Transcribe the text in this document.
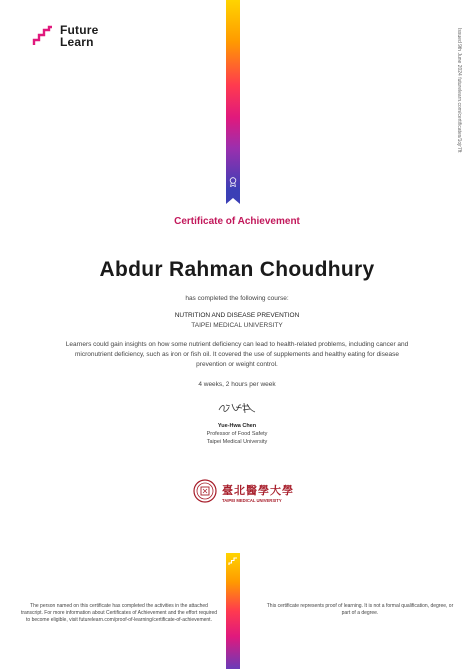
Future
Learn	Issued 9th June 2024 futurelearn.com/certificates/1ojr7ft
Certificate of Achievement
Abdur Rahman Choudhury
has completed the following course:
NUTRITION AND DISEASE PREVENTION
TAIPEI MEDICAL UNIVERSITY
Learners could gain insights on how some nutrient deficiency can lead to health-related problems, including cancer and micronutrient deficiency, such as iron or fish oil. It covered the use of supplements and healthy eating for disease prevention or weight control.
4 weeks, 2 hours per week
Yue-Hwa Chen
Professor of Food Safety
Taipei Medical University
臺北醫學大學
TAIPEI MEDICAL UNIVERSITY
The person named on this certificate has completed the activities in the attached transcript. For more information about Certificates of Achievement and the effort required to become eligible, visit futurelearn.com/proof-of-learning/certificate-of-achievement.
This certificate represents proof of learning. It is not a formal qualification, degree, or part of a degree.
